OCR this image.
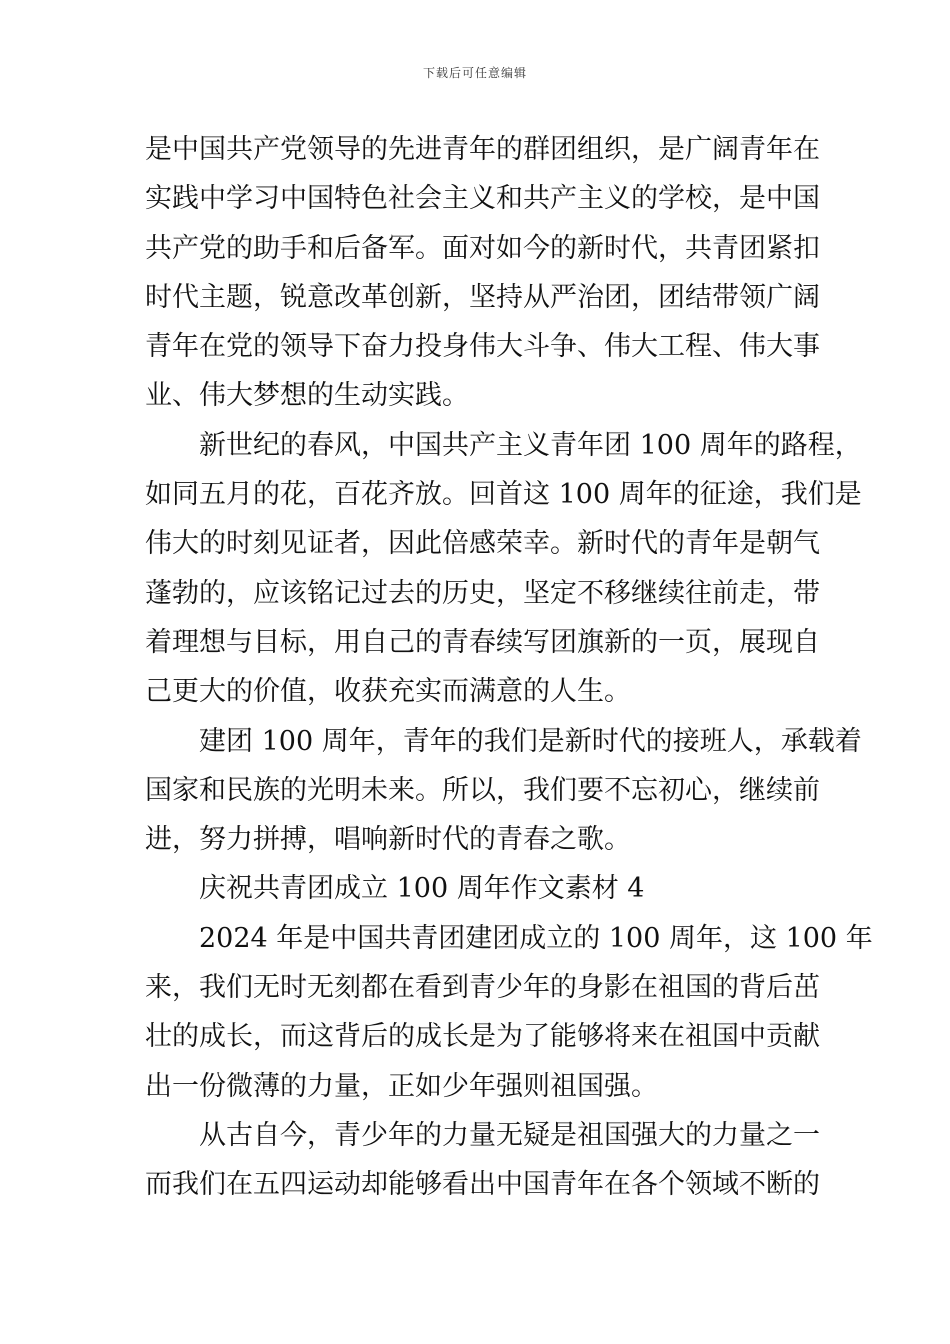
下载后可任意编辑
是中国共产党领导的先进青年的群团组织，是广阔青年在
实践中学习中国特色社会主义和共产主义的学校，是中国
共产党的助手和后备军。面对如今的新时代，共青团紧扣
时代主题，锐意改革创新，坚持从严治团，团结带领广阔
青年在党的领导下奋力投身伟大斗争、伟大工程、伟大事
业、伟大梦想的生动实践。
新世纪的春风，中国共产主义青年团 100 周年的路程，
如同五月的花，百花齐放。回首这 100 周年的征途，我们是
伟大的时刻见证者，因此倍感荣幸。新时代的青年是朝气
蓬勃的，应该铭记过去的历史，坚定不移继续往前走，带
着理想与目标，用自己的青春续写团旗新的一页，展现自
己更大的价值，收获充实而满意的人生。
建团 100 周年，青年的我们是新时代的接班人，承载着
国家和民族的光明未来。所以，我们要不忘初心，继续前
进，努力拼搏，唱响新时代的青春之歌。
庆祝共青团成立 100 周年作文素材 4
2024 年是中国共青团建团成立的 100 周年，这 100 年
来，我们无时无刻都在看到青少年的身影在祖国的背后茁
壮的成长，而这背后的成长是为了能够将来在祖国中贡献
出一份微薄的力量，正如少年强则祖国强。
从古自今，青少年的力量无疑是祖国强大的力量之一
而我们在五四运动却能够看出中国青年在各个领域不断的
